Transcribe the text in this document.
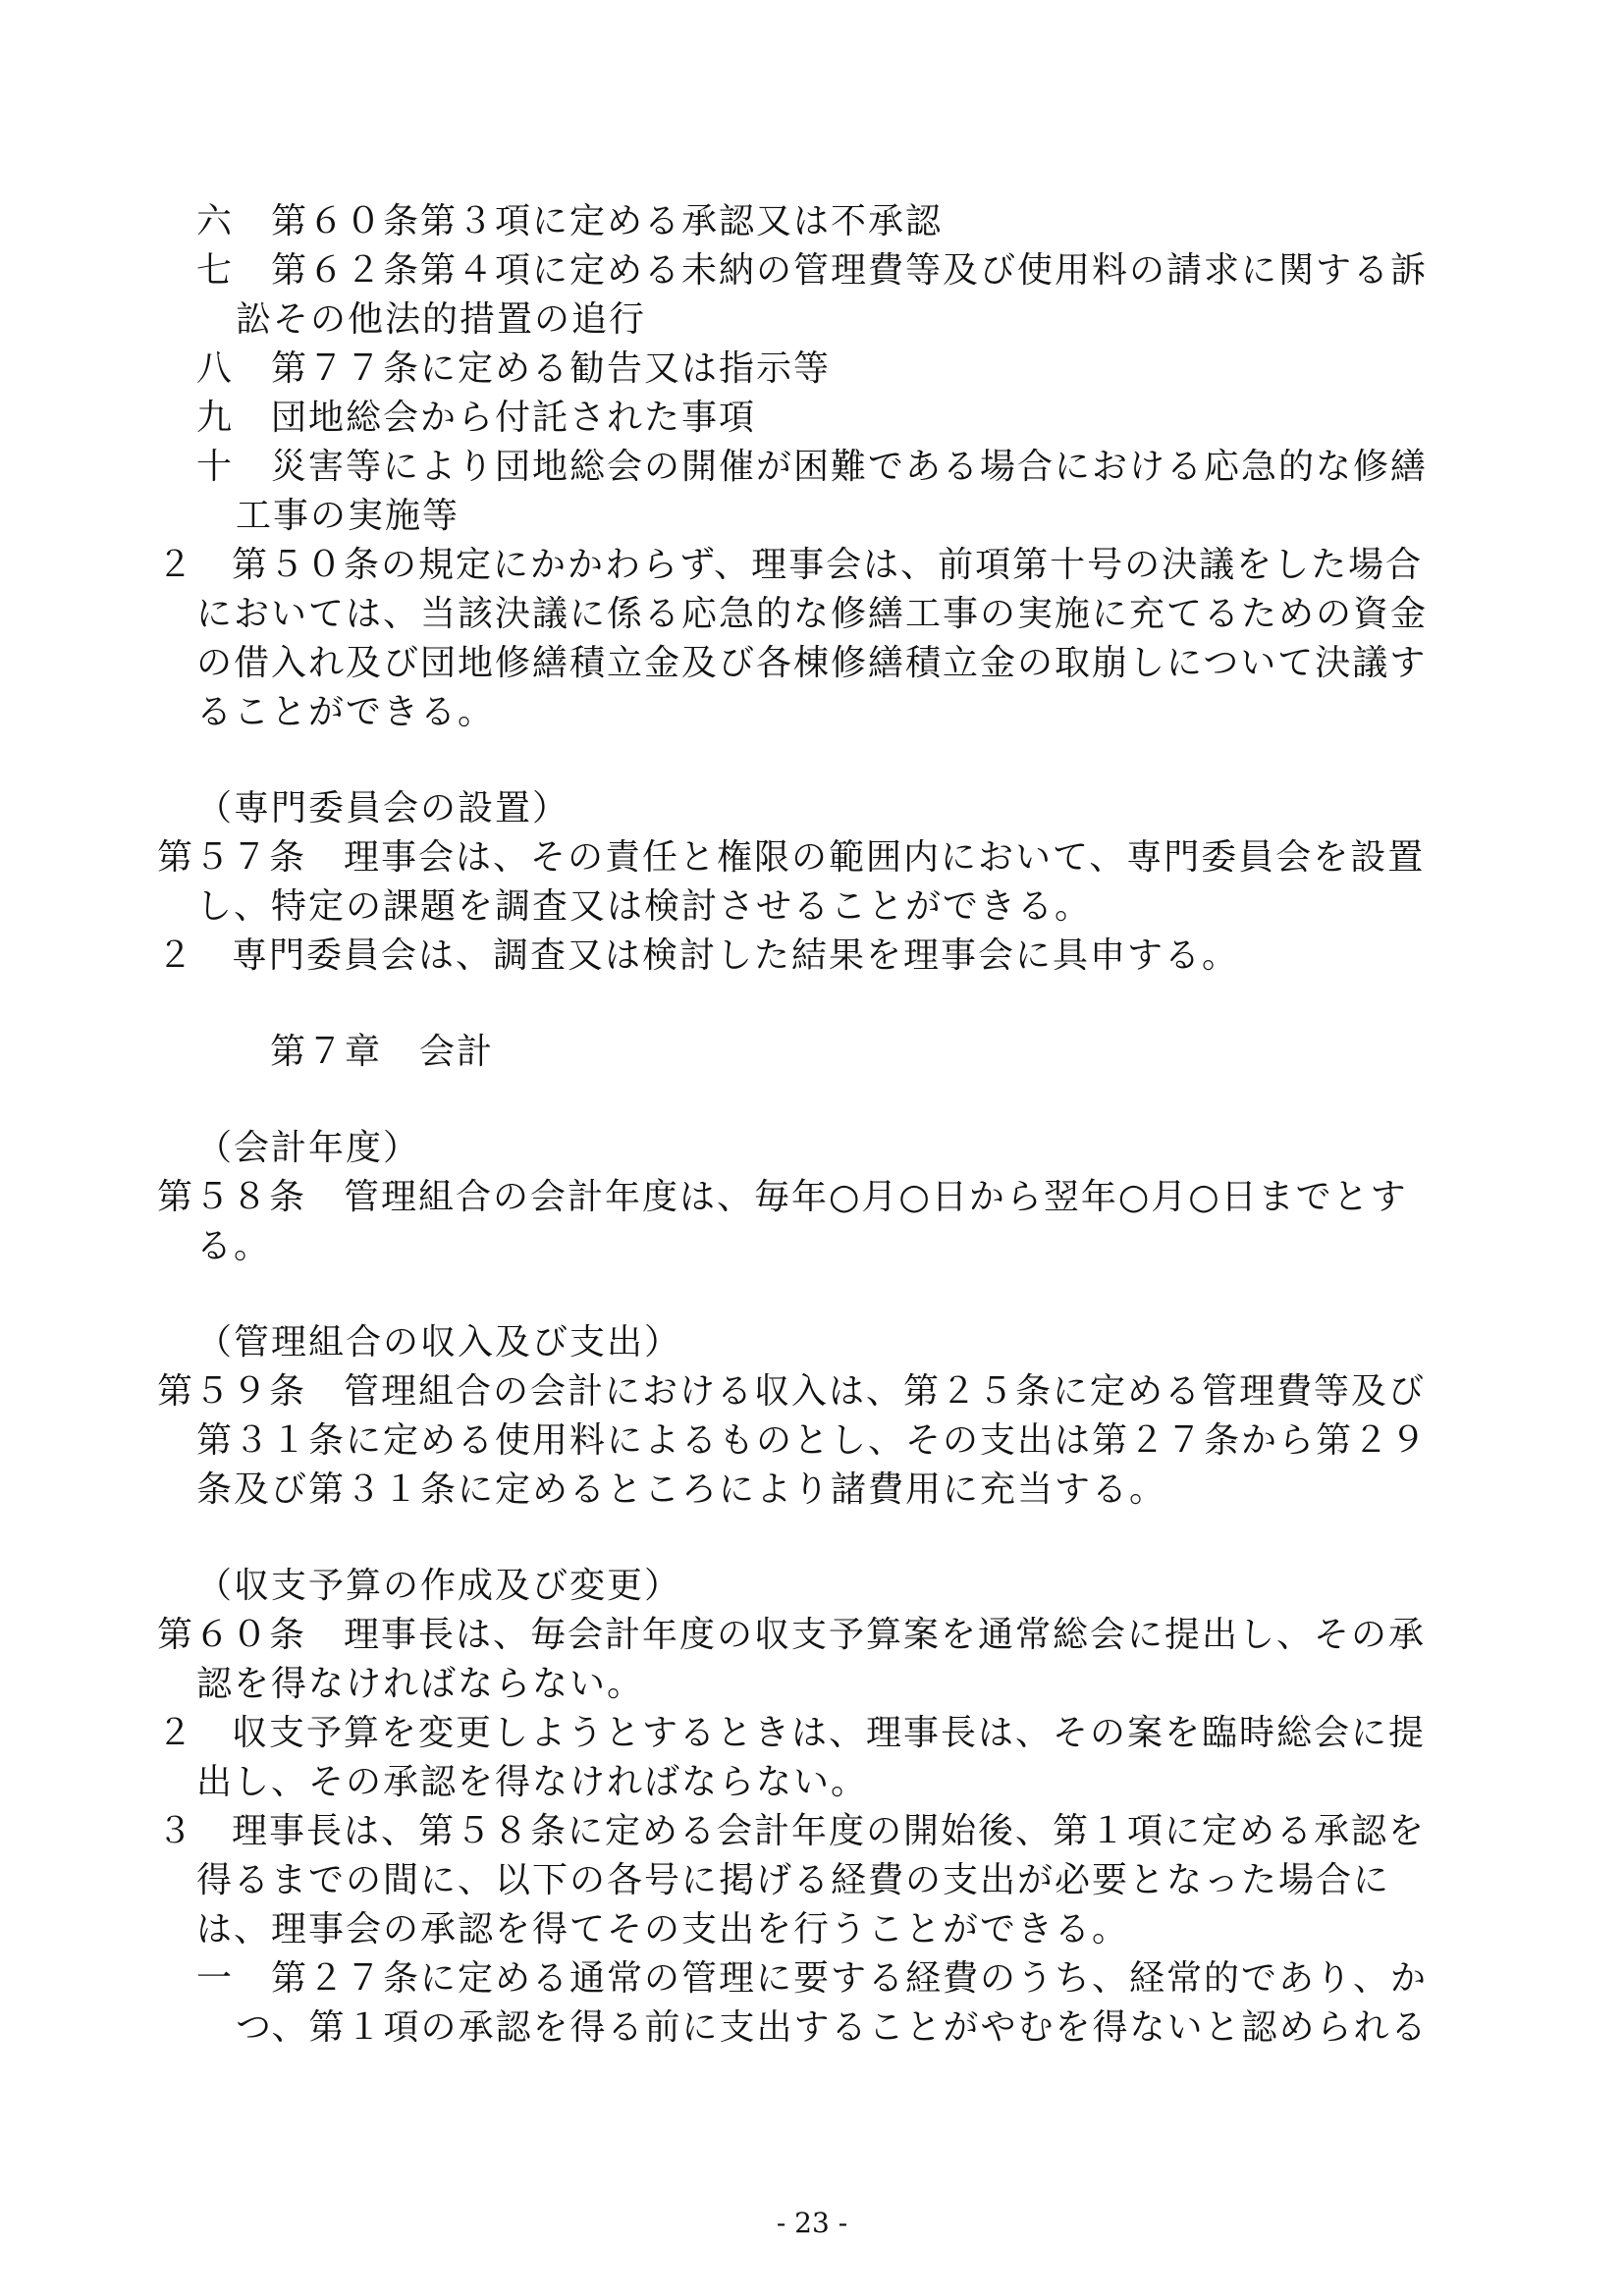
六　第６０条第３項に定める承認又は不承認
七　第６２条第４項に定める未納の管理費等及び使用料の請求に関する訴
訟その他法的措置の追行
八　第７７条に定める勧告又は指示等
九　団地総会から付託された事項
十　災害等により団地総会の開催が困難である場合における応急的な修繕
工事の実施等
２　第５０条の規定にかかわらず、理事会は、前項第十号の決議をした場合
においては、当該決議に係る応急的な修繕工事の実施に充てるための資金
の借入れ及び団地修繕積立金及び各棟修繕積立金の取崩しについて決議す
ることができる。
（専門委員会の設置）
第５７条　理事会は、その責任と権限の範囲内において、専門委員会を設置
し、特定の課題を調査又は検討させることができる。
２　専門委員会は、調査又は検討した結果を理事会に具申する。
第７章　会計
（会計年度）
第５８条　管理組合の会計年度は、毎年○月○日から翌年○月○日までとす
る。
（管理組合の収入及び支出）
第５９条　管理組合の会計における収入は、第２５条に定める管理費等及び
第３１条に定める使用料によるものとし、その支出は第２７条から第２９
条及び第３１条に定めるところにより諸費用に充当する。
（収支予算の作成及び変更）
第６０条　理事長は、毎会計年度の収支予算案を通常総会に提出し、その承
認を得なければならない。
２　収支予算を変更しようとするときは、理事長は、その案を臨時総会に提
出し、その承認を得なければならない。
３　理事長は、第５８条に定める会計年度の開始後、第１項に定める承認を
得るまでの間に、以下の各号に掲げる経費の支出が必要となった場合に
は、理事会の承認を得てその支出を行うことができる。
一　第２７条に定める通常の管理に要する経費のうち、経常的であり、か
つ、第１項の承認を得る前に支出することがやむを得ないと認められる
- 23 -
